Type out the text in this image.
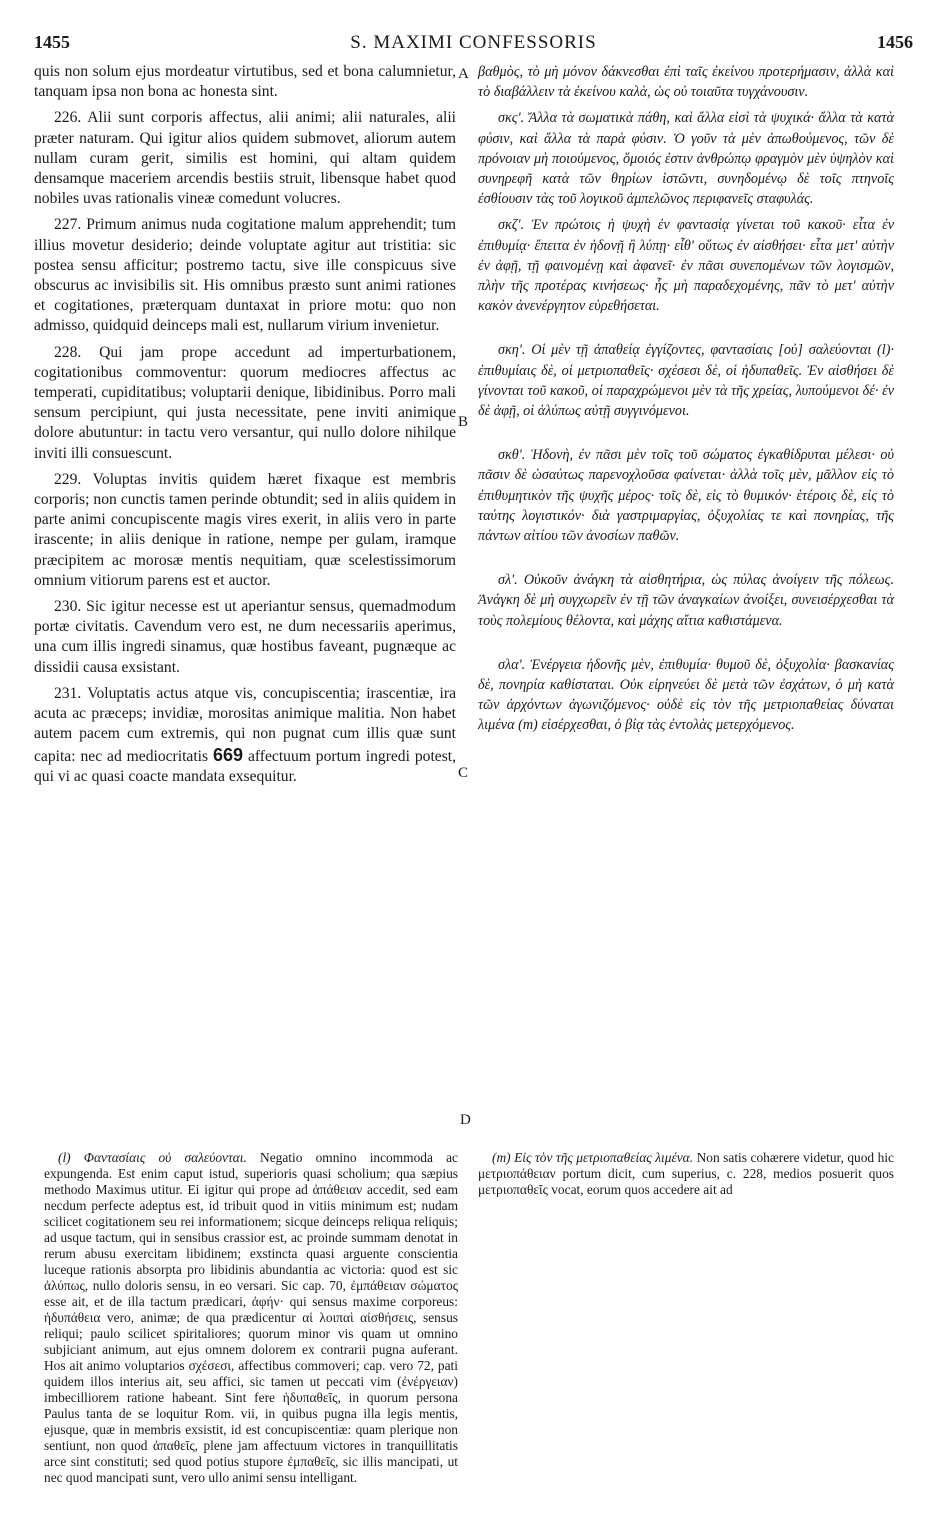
1455	S. MAXIMI CONFESSORIS	1456
A
B
C
D

quis non solum ejus mordeatur virtutibus, sed et bona calumnietur, tanquam ipsa non bona ac honesta sint.

226. Alii sunt corporis affectus, alii animi; alii naturales, alii præter naturam. Qui igitur alios quidem submovet, aliorum autem nullam curam gerit, similis est homini, qui altam quidem densamque maceriem arcendis bestiis struit, libensque habet quod nobiles uvas rationalis vineæ comedunt volucres.

227. Primum animus nuda cogitatione malum apprehendit; tum illius movetur desiderio; deinde voluptate agitur aut tristitia: sic postea sensu afficitur; postremo tactu, sive ille conspicuus sive obscurus ac invisibilis sit. His omnibus præsto sunt animi rationes et cogitationes, præterquam duntaxat in priore motu: quo non admisso, quidquid deinceps mali est, nullarum virium invenietur.

228. Qui jam prope accedunt ad imperturbationem, cogitationibus commoventur: quorum mediocres affectus ac temperati, cupiditatibus; voluptarii denique, libidinibus. Porro mali sensum percipiunt, qui justa necessitate, pene inviti animique dolore abutuntur: in tactu vero versantur, qui nullo dolore nihilque inviti illi consuescunt.

229. Voluptas invitis quidem hæret fixaque est membris corporis; non cunctis tamen perinde obtundit; sed in aliis quidem in parte animi concupiscente magis vires exerit, in aliis vero in parte irascente; in aliis denique in ratione, nempe per gulam, iramque præcipitem ac morosæ mentis nequitiam, quæ scelestissimorum omnium vitiorum parens est et auctor.

230. Sic igitur necesse est ut aperiantur sensus, quemadmodum portæ civitatis. Cavendum vero est, ne dum necessariis aperimus, una cum illis ingredi sinamus, quæ hostibus faveant, pugnæque ac dissidii causa exsistant.

231. Voluptatis actus atque vis, concupiscentia; irascentiæ, ira acuta ac præceps; invidiæ, morositas animique malitia. Non habet autem pacem cum extremis, qui non pugnat cum illis quæ sunt capita: nec ad mediocritatis 669 affectuum portum ingredi potest, qui vi ac quasi coacte mandata exsequitur.

βαθμὸς, τὸ μὴ μόνον δάκνεσθαι ἐπὶ ταῖς ἐκείνου προτερήμασιν, ἀλλὰ καὶ τὸ διαβάλλειν τὰ ἐκείνου καλὰ, ὡς οὐ τοιαῦτα τυγχάνουσιν.

σκς'. Ἄλλα τὰ σωματικὰ πάθη, καὶ ἄλλα εἰσὶ τὰ ψυχικά· ἄλλα τὰ κατὰ φύσιν, καὶ ἄλλα τὰ παρὰ φύσιν. Ὁ γοῦν τὰ μὲν ἀπωθούμενος, τῶν δὲ πρόνοιαν μὴ ποιούμενος, ὅμοιός ἐστιν ἀνθρώπῳ φραγμὸν μὲν ὑψηλὸν καὶ συνηρεφῆ κατὰ τῶν θηρίων ἱστῶντι, συνηδομένῳ δὲ τοῖς πτηνοῖς ἐσθίουσιν τὰς τοῦ λογικοῦ ἀμπελῶνος περιφανεῖς σταφυλάς.

σκζ'. Ἐν πρώτοις ἡ ψυχὴ ἐν φαντασίᾳ γίνεται τοῦ κακοῦ· εἶτα ἐν ἐπιθυμίᾳ· ἔπειτα ἐν ἡδονῇ ἢ λύπῃ· εἶθ' οὕτως ἐν αἰσθήσει· εἶτα μετ' αὐτὴν ἐν ἀφῇ, τῇ φαινομένῃ καὶ ἀφανεῖ· ἐν πᾶσι συνεπομένων τῶν λογισμῶν, πλὴν τῆς προτέρας κινήσεως· ἧς μὴ παραδεχομένης, πᾶν τὸ μετ' αὐτὴν κακὸν ἀνενέργητον εὑρεθήσεται.

σκη'. Οἱ μὲν τῇ ἀπαθείᾳ ἐγγίζοντες, φαντασίαις [οὐ] σαλεύονται (l)· ἐπιθυμίαις δὲ, οἱ μετριοπαθεῖς· σχέσεσι δὲ, οἱ ἡδυπαθεῖς. Ἐν αἰσθήσει δὲ γίνονται τοῦ κακοῦ, οἱ παραχρώμενοι μὲν τὰ τῆς χρείας, λυπούμενοι δέ· ἐν δὲ ἀφῇ, οἱ ἀλύπως αὐτῇ συγγινόμενοι.

σκθ'. Ἡδονὴ, ἐν πᾶσι μὲν τοῖς τοῦ σώματος ἐγκαθίδρυται μέλεσι· οὐ πᾶσιν δὲ ὡσαύτως παρενοχλοῦσα φαίνεται· ἀλλὰ τοῖς μὲν, μᾶλλον εἰς τὸ ἐπιθυμητικὸν τῆς ψυχῆς μέρος· τοῖς δὲ, εἰς τὸ θυμικόν· ἑτέροις δὲ, εἰς τὸ ταύτης λογιστικόν· διὰ γαστριμαργίας, ὀξυχολίας τε καὶ πονηρίας, τῆς πάντων αἰτίου τῶν ἀνοσίων παθῶν.

σλ'. Οὐκοῦν ἀνάγκη τὰ αἰσθητήρια, ὡς πύλας ἀνοίγειν τῆς πόλεως. Ἀνάγκη δὲ μὴ συγχωρεῖν ἐν τῇ τῶν ἀναγκαίων ἀνοίξει, συνεισέρχεσθαι τὰ τοὺς πολεμίους θέλοντα, καὶ μάχης αἴτια καθιστάμενα.

σλα'. Ἐνέργεια ἡδονῆς μὲν, ἐπιθυμία· θυμοῦ δὲ, ὀξυχολία· βασκανίας δὲ, πονηρία καθίσταται. Οὐκ εἰρηνεύει δὲ μετὰ τῶν ἐσχάτων, ὁ μὴ κατὰ τῶν ἀρχόντων ἀγωνιζόμενος· οὐδὲ εἰς τὸν τῆς μετριοπαθείας δύναται λιμένα (m) εἰσέρχεσθαι, ὁ βίᾳ τὰς ἐντολὰς μετερχόμενος.

(l) Φαντασίαις οὐ σαλεύονται. Negatio omnino incommoda ac expungenda. Est enim caput istud, superioris quasi scholium; qua sæpius methodo Maximus utitur. Ei igitur qui prope ad ἀπάθειαν accedit, sed eam necdum perfecte adeptus est, id tribuit quod in vitiis minimum est; nudam scilicet cogitationem seu rei informationem; sicque deinceps reliqua reliquis; ad usque tactum, qui in sensibus crassior est, ac proinde summam denotat in rerum abusu exercitam libidinem; exstincta quasi arguente conscientia luceque rationis absorpta pro libidinis abundantia ac victoria: quod est sic ἀλύπως, nullo doloris sensu, in eo versari. Sic cap. 70, ἐμπάθειαν σώματος esse ait, et de illa tactum prædicari, ἀφήν· qui sensus maxime corporeus: ἡδυπάθεια vero, animæ; de qua prædicentur αἱ λοιπαὶ αἰσθήσεις, sensus reliqui; paulo scilicet spiritaliores; quorum minor vis quam ut omnino subjiciant animum, aut ejus omnem dolorem ex contrarii pugna auferant. Hos ait animo voluptarios σχέσεσι, affectibus commoveri; cap. vero 72, pati quidem illos interius ait, seu affici, sic tamen ut peccati vim (ἐνέργειαν) imbecilliorem ratione habeant. Sint fere ἡδυπαθεῖς, in quorum persona Paulus tanta de se loquitur Rom. vii, in quibus pugna illa legis mentis, ejusque, quæ in membris exsistit, id est concupiscentiæ: quam plerique non sentiunt, non quod ἀπαθεῖς, plene jam affectuum victores in tranquillitatis arce sint constituti; sed quod potius stupore ἐμπαθεῖς, sic illis mancipati, ut nec quod mancipati sunt, vero ullo animi sensu intelligant.

(m) Εἰς τὸν τῆς μετριοπαθείας λιμένα. Non satis cohærere videtur, quod hic μετριοπάθειαν portum dicit, cum superius, c. 228, medios posuerit quos μετριοπαθεῖς vocat, eorum quos accedere ait ad
